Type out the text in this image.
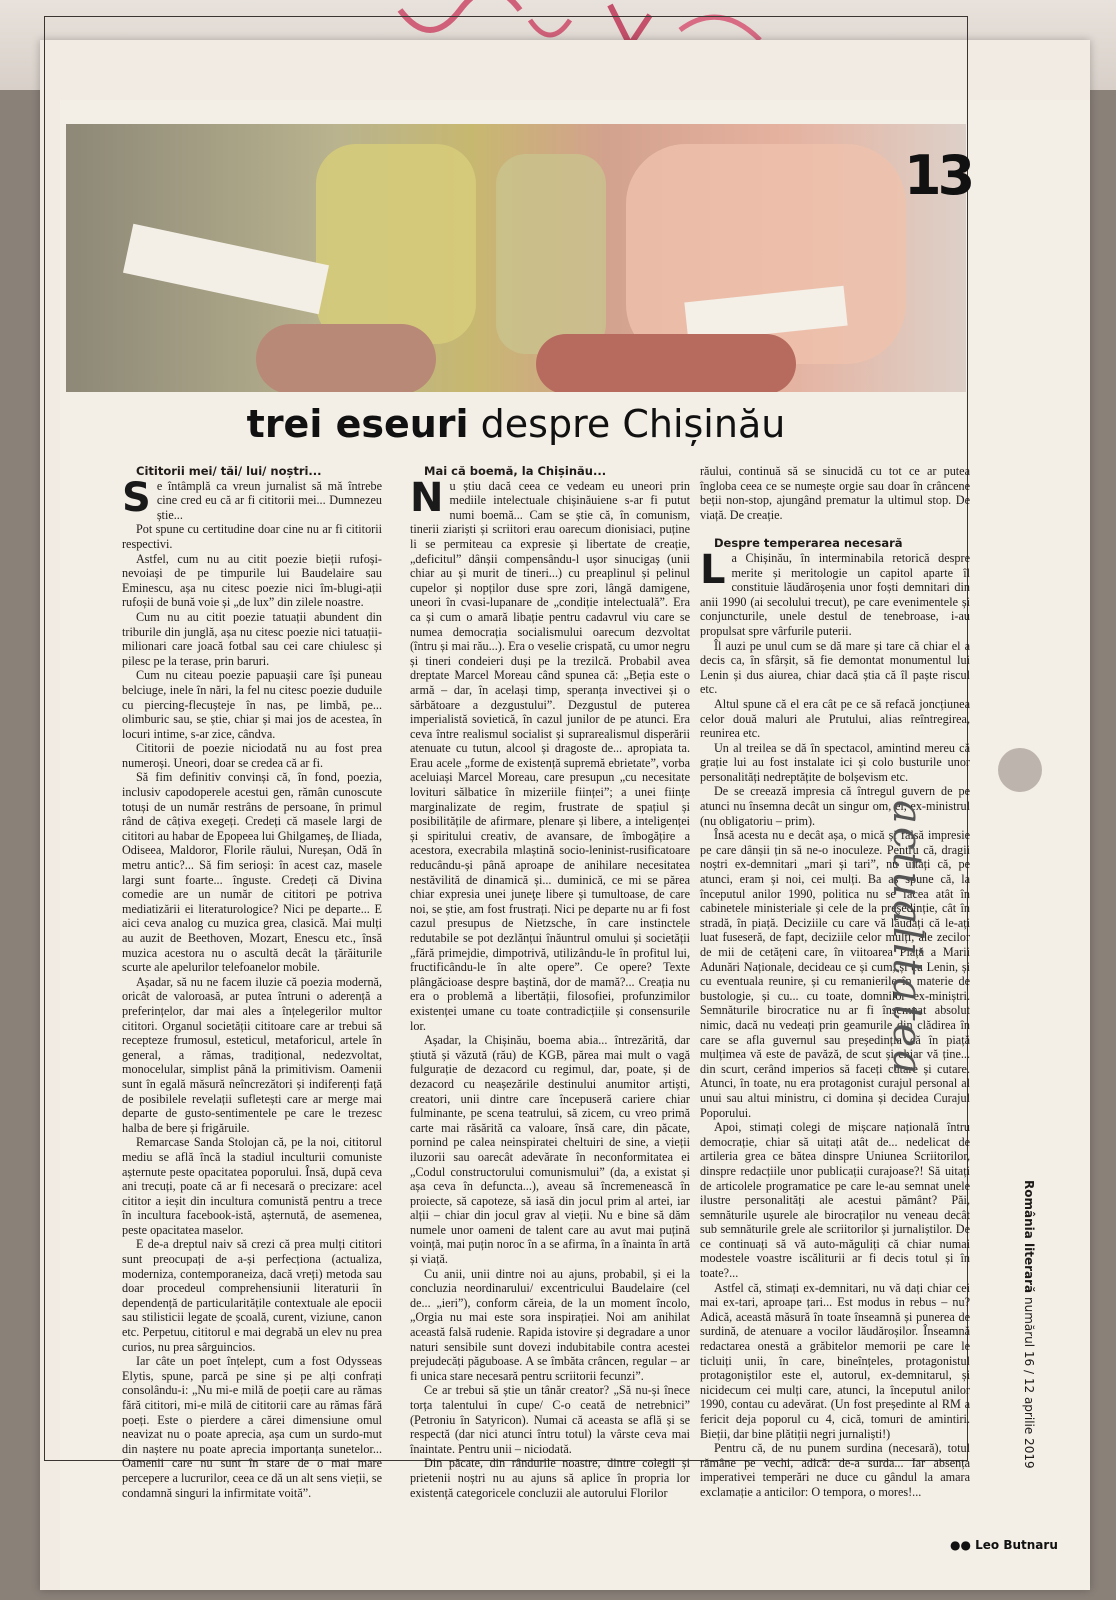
13
trei eseuri despre Chișinău

Cititorii mei/ tăi/ lui/ noștri...

Se întâmplă ca vreun jurnalist să mă întrebe cine cred eu că ar fi cititorii mei... Dumnezeu știe...

Pot spune cu certitudine doar cine nu ar fi cititorii respectivi.

Astfel, cum nu au citit poezie bieții rufoși-nevoiași de pe timpurile lui Baudelaire sau Eminescu, așa nu citesc poezie nici îm-blugi-ații rufoșii de bună voie și „de lux” din zilele noastre.

Cum nu au citit poezie tatuații abundent din triburile din junglă, așa nu citesc poezie nici tatuații-milionari care joacă fotbal sau cei care chiulesc și pilesc pe la terase, prin baruri.

Cum nu citeau poezie papuașii care își puneau belciuge, inele în nări, la fel nu citesc poezie duduile cu piercing-flecușteje în nas, pe limbă, pe... olimburic sau, se știe, chiar și mai jos de acestea, în locuri intime, s-ar zice, cândva.

Cititorii de poezie niciodată nu au fost prea numeroși. Uneori, doar se credea că ar fi.

Să fim definitiv convinși că, în fond, poezia, inclusiv capodoperele acestui gen, rămân cunoscute totuși de un număr restrâns de persoane, în primul rând de câțiva exegeți. Credeți că masele largi de cititori au habar de Epopeea lui Ghilgameș, de Iliada, Odiseea, Maldoror, Florile răului, Nureșan, Odă în metru antic?... Să fim serioși: în acest caz, masele largi sunt foarte... înguste. Credeți că Divina comedie are un număr de cititori pe potriva mediatizării ei literaturologice? Nici pe departe... E aici ceva analog cu muzica grea, clasică. Mai mulți au auzit de Beethoven, Mozart, Enescu etc., însă muzica acestora nu o ascultă decât la țărăiturile scurte ale apelurilor telefoanelor mobile.

Așadar, să nu ne facem iluzie că poezia modernă, oricât de valoroasă, ar putea întruni o aderență a preferințelor, dar mai ales a înțelegerilor multor cititori. Organul societății cititoare care ar trebui să recepteze frumosul, esteticul, metaforicul, artele în general, a rămas, tradițional, nedezvoltat, monocelular, simplist până la primitivism. Oamenii sunt în egală măsură neîncrezători și indiferenți față de posibilele revelații sufletești care ar merge mai departe de gusto-sentimentele pe care le trezesc halba de bere și frigăruile.

Remarcase Sanda Stolojan că, pe la noi, cititorul mediu se află încă la stadiul inculturii comuniste așternute peste opacitatea poporului. Însă, după ceva ani trecuți, poate că ar fi necesară o precizare: acel cititor a ieșit din incultura comunistă pentru a trece în incultura facebook-istă, așternută, de asemenea, peste opacitatea maselor.

E de-a dreptul naiv să crezi că prea mulți cititori sunt preocupați de a-și perfecționa (actualiza, moderniza, contemporaneiza, dacă vreți) metoda sau doar procedeul comprehensiunii literaturii în dependență de particularitățile contextuale ale epocii sau stilisticii legate de școală, curent, viziune, canon etc. Perpetuu, cititorul e mai degrabă un elev nu prea curios, nu prea sârguincios.

Iar câte un poet înțelept, cum a fost Odysseas Elytis, spune, parcă pe sine și pe alți confrați consolându-i: „Nu mi-e milă de poeții care au rămas fără cititori, mi-e milă de cititorii care au rămas fără poeți. Este o pierdere a cărei dimensiune omul neavizat nu o poate aprecia, așa cum un surdo-mut din naștere nu poate aprecia importanța sunetelor... Oamenii care nu sunt în stare de o mai mare percepere a lucrurilor, ceea ce dă un alt sens vieții, se condamnă singuri la infirmitate voită”.

Mai că boemă, la Chișinău...

Nu știu dacă ceea ce vedeam eu uneori prin mediile intelectuale chișinăuiene s-ar fi putut numi boemă... Cam se știe că, în comunism, tinerii ziariști și scriitori erau oarecum dionisiaci, puține li se permiteau ca expresie și libertate de creație, „deficitul” dânșii compensându-l ușor sinucigaș (unii chiar au și murit de tineri...) cu preaplinul și pelinul cupelor și nopților duse spre zori, lângă damigene, uneori în cvasi-lupanare de „condiție intelectuală”. Era ca și cum o amară libație pentru cadavrul viu care se numea democrația socialismului oarecum dezvoltat (întru și mai rău...). Era o veselie crispată, cu umor negru și tineri condeieri duși pe la trezilcă. Probabil avea dreptate Marcel Moreau când spunea că: „Beția este o armă – dar, în același timp, speranța invectivei și o sărbătoare a dezgustului”. Dezgustul de puterea imperialistă sovietică, în cazul junilor de pe atunci. Era ceva între realismul socialist și suprarealismul disperării atenuate cu tutun, alcool și dragoste de... apropiata ta. Erau acele „forme de existență supremă ebrietate”, vorba aceluiași Marcel Moreau, care presupun „cu necesitate lovituri sălbatice în mizeriile ființei”; a unei ființe marginalizate de regim, frustrate de spațiul și posibilitățile de afirmare, plenare și libere, a inteligenței și spiritului creativ, de avansare, de îmbogățire a acestora, execrabila mlaștină socio-leninist-rusificatoare reducându-și până aproape de anihilare necesitatea nestăvilită de dinamică și... duminică, ce mi se părea chiar expresia unei juneţe libere și tumultoase, de care noi, se știe, am fost frustrați. Nici pe departe nu ar fi fost cazul presupus de Nietzsche, în care instinctele redutabile se pot dezlănțui înăuntrul omului și societății „fără primejdie, dimpotrivă, utilizându-le în profitul lui, fructificându-le în alte opere”. Ce opere? Texte plângăcioase despre baștină, dor de mamă?... Creația nu era o problemă a libertății, filosofiei, profunzimilor existenței umane cu toate contradicțiile și consensurile lor.

Așadar, la Chișinău, boema abia... întrezărită, dar știută și văzută (rău) de KGB, părea mai mult o vagă fulgurație de dezacord cu regimul, dar, poate, și de dezacord cu neașezările destinului anumitor artiști, creatori, unii dintre care începuseră cariere chiar fulminante, pe scena teatrului, să zicem, cu vreo primă carte mai răsărită ca valoare, însă care, din păcate, pornind pe calea neinspiratei cheltuiri de sine, a vieții iluzorii sau oarecât adevărate în neconformitatea ei „Codul constructorului comunismului” (da, a existat și așa ceva în defuncta...), aveau să încremenească în proiecte, să capoteze, să iasă din jocul prim al artei, iar alții – chiar din jocul grav al vieții. Nu e bine să dăm numele unor oameni de talent care au avut mai puțină voință, mai puțin noroc în a se afirma, în a înainta în artă și viață.

Cu anii, unii dintre noi au ajuns, probabil, și ei la concluzia neordinarului/ excentricului Baudelaire (cel de... „ieri”), conform căreia, de la un moment încolo, „Orgia nu mai este sora inspirației. Noi am anihilat această falsă rudenie. Rapida istovire și degradare a unor naturi sensibile sunt dovezi indubitabile contra acestei prejudecăți păguboase. A se îmbăta crâncen, regular – ar fi unica stare necesară pentru scriitorii fecunzi”.

Ce ar trebui să știe un tânăr creator? „Să nu-și înece torța talentului în cupe/ C-o ceată de netrebnici” (Petroniu în Satyricon). Numai că aceasta se află și se respectă (dar nici atunci întru totul) la vârste ceva mai înaintate. Pentru unii – niciodată.

Din păcate, din rândurile noastre, dintre colegii și prietenii noștri nu au ajuns să aplice în propria lor existență categoricele concluzii ale autorului Florilor

răului, continuă să se sinucidă cu tot ce ar putea îngloba ceea ce se numește orgie sau doar în crâncene beții non-stop, ajungând prematur la ultimul stop. De viață. De creație.

Despre temperarea necesară

La Chișinău, în interminabila retorică despre merite și meritologie un capitol aparte îl constituie lăudăroșenia unor foști demnitari din anii 1990 (ai secolului trecut), pe care evenimentele și conjuncturile, unele destul de tenebroase, i-au propulsat spre vârfurile puterii.

Îl auzi pe unul cum se dă mare și tare că chiar el a decis ca, în sfârșit, să fie demontat monumentul lui Lenin și dus aiurea, chiar dacă știa că îl paște riscul etc.

Altul spune că el era cât pe ce să refacă joncțiunea celor două maluri ale Prutului, alias reîntregirea, reunirea etc.

Un al treilea se dă în spectacol, amintind mereu că grație lui au fost instalate ici și colo busturile unor personalități nedreptățite de bolșevism etc.

De se creează impresia că întregul guvern de pe atunci nu însemna decât un singur om, el, ex-ministrul (nu obligatoriu – prim).

Însă acesta nu e decât așa, o mică și falsă impresie pe care dânșii țin să ne-o inoculeze. Pentru că, dragii noștri ex-demnitari „mari și tari”, nu uitați că, pe atunci, eram și noi, cei mulți. Ba aș spune că, la începutul anilor 1990, politica nu se făcea atât în cabinetele ministeriale și cele de la președinție, cât în stradă, în piață. Deciziile cu care vă lăudați că le-ați luat fuseseră, de fapt, deciziile celor mulți, ale zecilor de mii de cetățeni care, în viitoarea Piață a Marii Adunări Naționale, decideau ce și cum, și cu Lenin, și cu eventuala reunire, și cu remanierile în materie de bustologie, și cu... cu toate, domnilor ex-miniștri. Semnăturile birocratice nu ar fi însemnat absolut nimic, dacă nu vedeați prin geamurile din clădirea în care se afla guvernul sau președinția că în piață mulțimea vă este de pavăză, de scut și chiar vă ține... din scurt, cerând imperios să faceți cutare și cutare. Atunci, în toate, nu era protagonist curajul personal al unui sau altui ministru, ci domina și decidea Curajul Poporului.

Apoi, stimați colegi de mișcare națională întru democrație, chiar să uitați atât de... nedelicat de artileria grea ce bătea dinspre Uniunea Scriitorilor, dinspre redacțiile unor publicații curajoase?! Să uitați de articolele programatice pe care le-au semnat unele ilustre personalități ale acestui pământ? Păi, semnăturile ușurele ale birocraților nu veneau decât sub semnăturile grele ale scriitorilor și jurnaliștilor. De ce continuați să vă auto-măguliți că chiar numai modestele voastre iscăliturii ar fi decis totul și în toate?...

Astfel că, stimați ex-demnitari, nu vă dați chiar cei mai ex-tari, aproape țari... Est modus in rebus – nu? Adică, această măsură în toate înseamnă și punerea de surdină, de atenuare a vocilor lăudăroșilor. Înseamnă redactarea onestă a grăbitelor memorii pe care le ticluiți unii, în care, bineînțeles, protagonistul protagoniștilor este el, autorul, ex-demnitarul, și nicidecum cei mulți care, atunci, la începutul anilor 1990, contau cu adevărat. (Un fost președinte al RM a fericit deja poporul cu 4, cică, tomuri de amintiri. Bieții, dar bine plătiții negri jurnaliști!)

Pentru că, de nu punem surdina (necesară), totul rămâne pe vechi, adică: de-a surda... Iar absența imperativei temperări ne duce cu gândul la amara exclamație a anticilor: O tempora, o mores!...

actualitatea
România literară numărul 16 / 12 aprilie 2019
●● Leo Butnaru
